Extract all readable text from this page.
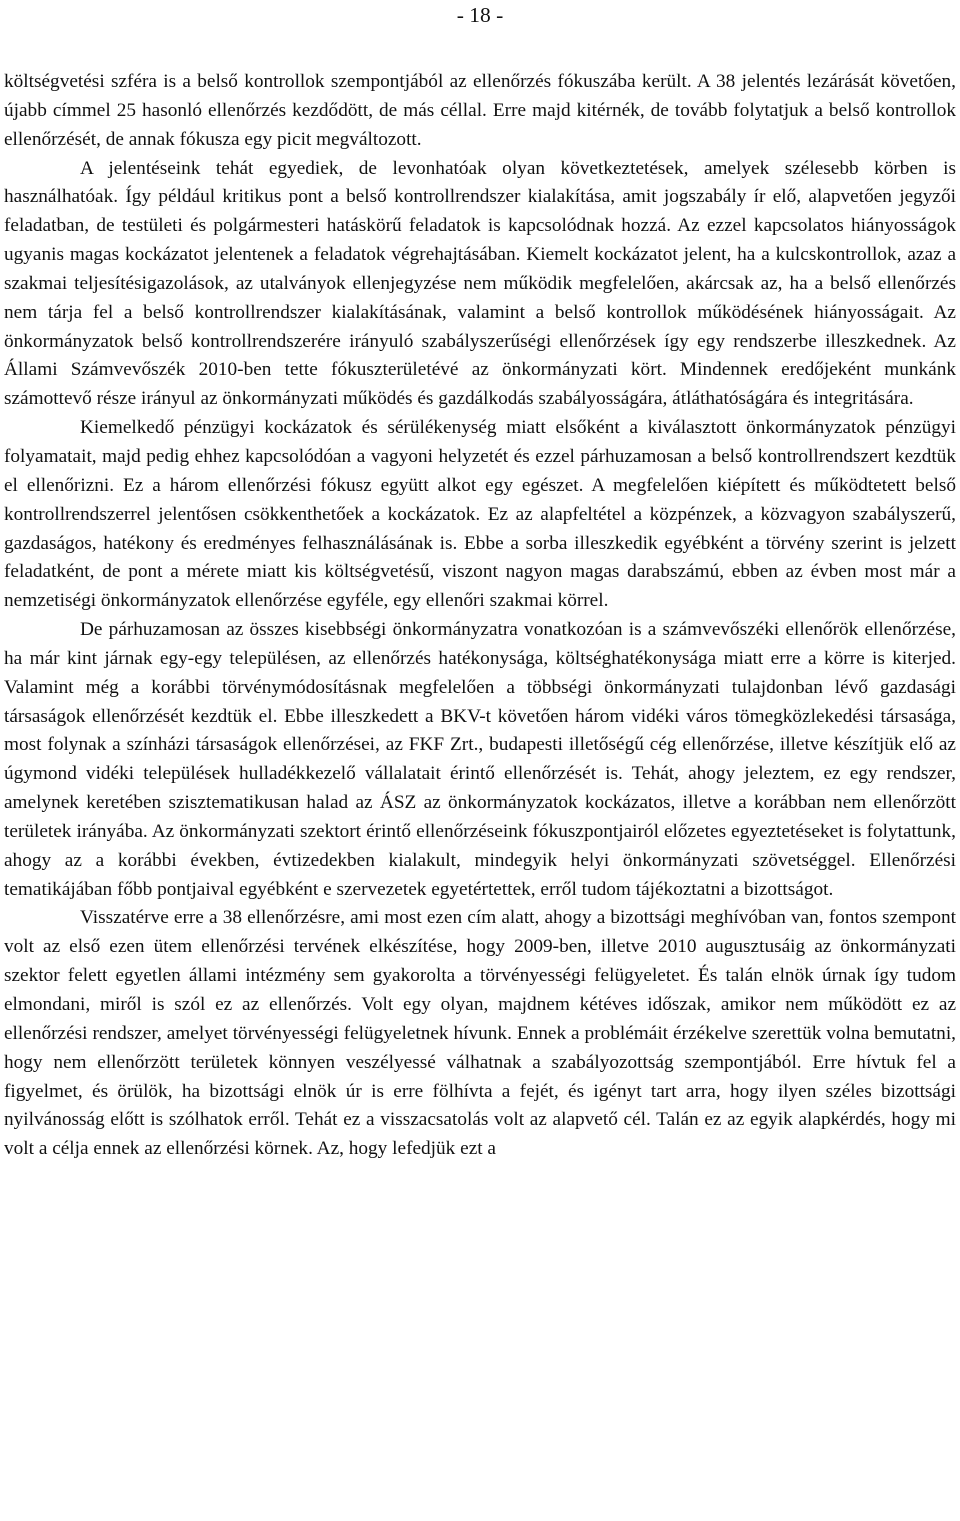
- 18 -

költségvetési szféra is a belső kontrollok szempontjából az ellenőrzés fókuszába került. A 38 jelentés lezárását követően, újabb címmel 25 hasonló ellenőrzés kezdődött, de más céllal. Erre majd kitérnék, de tovább folytatjuk a belső kontrollok ellenőrzését, de annak fókusza egy picit megváltozott.

A jelentéseink tehát egyediek, de levonhatóak olyan következtetések, amelyek szélesebb körben is használhatóak. Így például kritikus pont a belső kontrollrendszer kialakítása, amit jogszabály ír elő, alapvetően jegyzői feladatban, de testületi és polgármesteri hatáskörű feladatok is kapcsolódnak hozzá. Az ezzel kapcsolatos hiányosságok ugyanis magas kockázatot jelentenek a feladatok végrehajtásában. Kiemelt kockázatot jelent, ha a kulcskontrollok, azaz a szakmai teljesítésigazolások, az utalványok ellenjegyzése nem működik megfelelően, akárcsak az, ha a belső ellenőrzés nem tárja fel a belső kontrollrendszer kialakításának, valamint a belső kontrollok működésének hiányosságait. Az önkormányzatok belső kontrollrendszerére irányuló szabályszerűségi ellenőrzések így egy rendszerbe illeszkednek. Az Állami Számvevőszék 2010-ben tette fókuszterületévé az önkormányzati kört. Mindennek eredőjeként munkánk számottevő része irányul az önkormányzati működés és gazdálkodás szabályosságára, átláthatóságára és integritására.

Kiemelkedő pénzügyi kockázatok és sérülékenység miatt elsőként a kiválasztott önkormányzatok pénzügyi folyamatait, majd pedig ehhez kapcsolódóan a vagyoni helyzetét és ezzel párhuzamosan a belső kontrollrendszert kezdtük el ellenőrizni. Ez a három ellenőrzési fókusz együtt alkot egy egészet. A megfelelően kiépített és működtetett belső kontrollrendszerrel jelentősen csökkenthetőek a kockázatok. Ez az alapfeltétel a közpénzek, a közvagyon szabályszerű, gazdaságos, hatékony és eredményes felhasználásának is. Ebbe a sorba illeszkedik egyébként a törvény szerint is jelzett feladatként, de pont a mérete miatt kis költségvetésű, viszont nagyon magas darabszámú, ebben az évben most már a nemzetiségi önkormányzatok ellenőrzése egyféle, egy ellenőri szakmai körrel.

De párhuzamosan az összes kisebbségi önkormányzatra vonatkozóan is a számvevőszéki ellenőrök ellenőrzése, ha már kint járnak egy-egy településen, az ellenőrzés hatékonysága, költséghatékonysága miatt erre a körre is kiterjed. Valamint még a korábbi törvénymódosításnak megfelelően a többségi önkormányzati tulajdonban lévő gazdasági társaságok ellenőrzését kezdtük el. Ebbe illeszkedett a BKV-t követően három vidéki város tömegközlekedési társasága, most folynak a színházi társaságok ellenőrzései, az FKF Zrt., budapesti illetőségű cég ellenőrzése, illetve készítjük elő az úgymond vidéki települések hulladékkezelő vállalatait érintő ellenőrzését is. Tehát, ahogy jeleztem, ez egy rendszer, amelynek keretében szisztematikusan halad az ÁSZ az önkormányzatok kockázatos, illetve a korábban nem ellenőrzött területek irányába. Az önkormányzati szektort érintő ellenőrzéseink fókuszpontjairól előzetes egyeztetéseket is folytattunk, ahogy az a korábbi években, évtizedekben kialakult, mindegyik helyi önkormányzati szövetséggel. Ellenőrzési tematikájában főbb pontjaival egyébként e szervezetek egyetértettek, erről tudom tájékoztatni a bizottságot.

Visszatérve erre a 38 ellenőrzésre, ami most ezen cím alatt, ahogy a bizottsági meghívóban van, fontos szempont volt az első ezen ütem ellenőrzési tervének elkészítése, hogy 2009-ben, illetve 2010 augusztusáig az önkormányzati szektor felett egyetlen állami intézmény sem gyakorolta a törvényességi felügyeletet. És talán elnök úrnak így tudom elmondani, miről is szól ez az ellenőrzés. Volt egy olyan, majdnem kétéves időszak, amikor nem működött ez az ellenőrzési rendszer, amelyet törvényességi felügyeletnek hívunk. Ennek a problémáit érzékelve szerettük volna bemutatni, hogy nem ellenőrzött területek könnyen veszélyessé válhatnak a szabályozottság szempontjából. Erre hívtuk fel a figyelmet, és örülök, ha bizottsági elnök úr is erre fölhívta a fejét, és igényt tart arra, hogy ilyen széles bizottsági nyilvánosság előtt is szólhatok erről. Tehát ez a visszacsatolás volt az alapvető cél. Talán ez az egyik alapkérdés, hogy mi volt a célja ennek az ellenőrzési körnek. Az, hogy lefedjük ezt a
